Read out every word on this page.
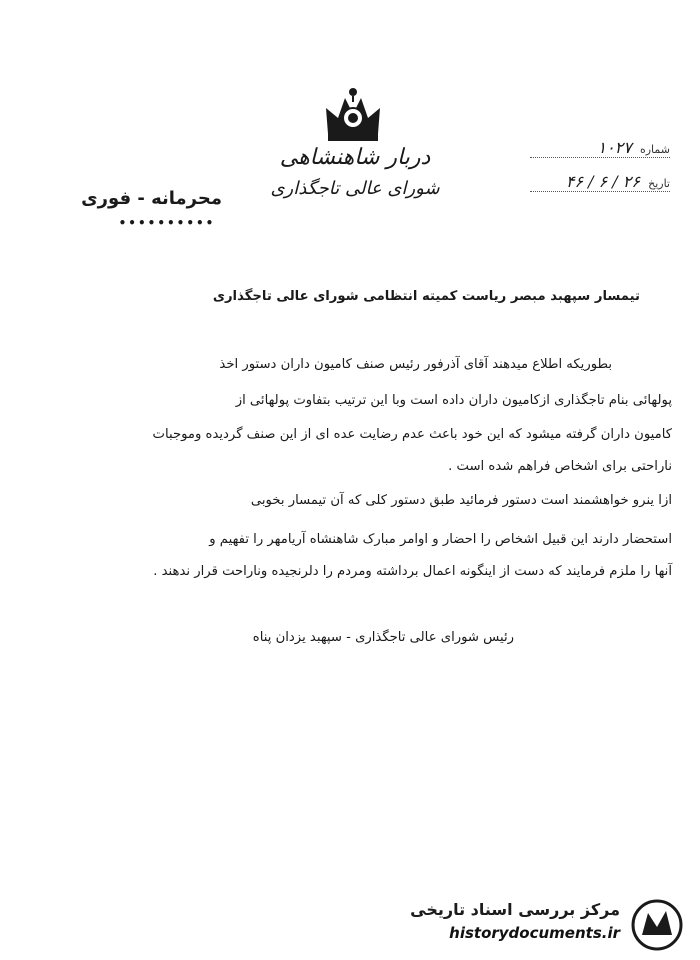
دربار شاهنشاهی
شورای عالی تاجگذاری
شماره ۱۰۲۷
تاریخ ۲۶ / ۶ / ۴۶
محرمانه - فوری
••••••••••
تیمسار سپهبد مبصر ریاست کمیته انتظامی شورای عالی تاجگذاری
بطوریکه اطلاع میدهند آقای آذرفور رئیس صنف کامیون داران دستور اخذ
پولهائی بنام تاجگذاری ازکامیون داران داده است وبا این ترتیب بتفاوت پولهائی از
کامیون داران گرفته میشود که این خود باعث عدم رضایت عده ای از این صنف گردیده وموجبات
ناراحتی برای اشخاص فراهم شده است .
ازا ینرو خواهشمند است دستور فرمائید طبق دستور کلی که آن تیمسار بخوبی
استحضار دارند این قبیل اشخاص را احضار و اوامر مبارک شاهنشاه آریامهر را تفهیم و
آنها را ملزم فرمایند که دست از اینگونه اعمال برداشته ومردم را دلرنجیده وناراحت قرار ندهند .
رئیس شورای عالی تاجگذاری - سپهبد یزدان پناه
مرکز بررسی اسناد تاریخی
historydocuments.ir
